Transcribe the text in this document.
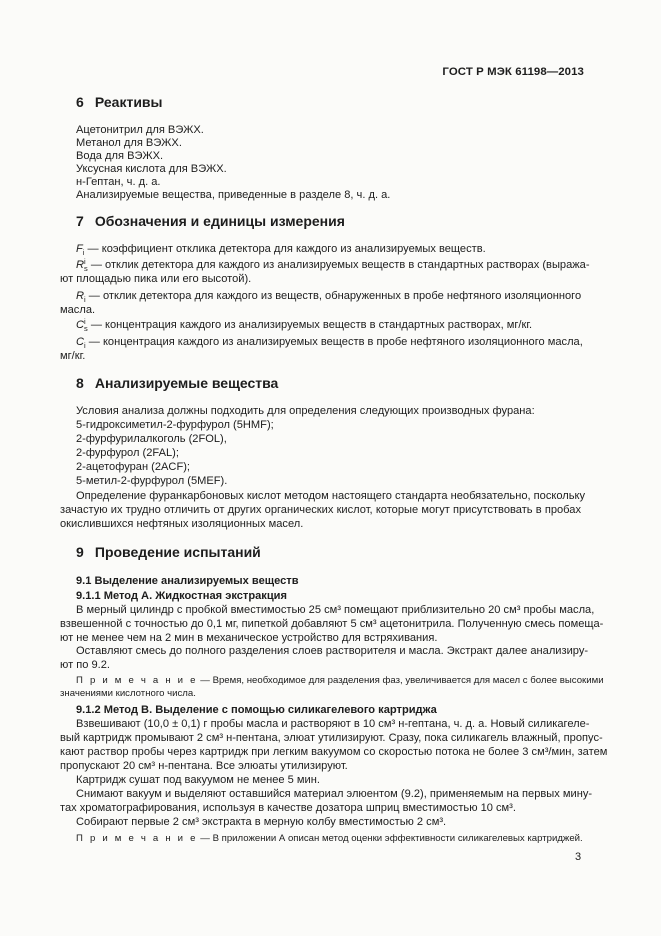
ГОСТ Р МЭК 61198—2013
6 Реактивы
Ацетонитрил для ВЭЖХ.
Метанол для ВЭЖХ.
Вода для ВЭЖХ.
Уксусная кислота для ВЭЖХ.
н-Гептан, ч. д. а.
Анализируемые вещества, приведенные в разделе 8, ч. д. а.
7 Обозначения и единицы измерения
$F_i$ — коэффициент отклика детектора для каждого из анализируемых веществ.
R i
s — отклик детектора для каждого из анализируемых веществ в стандартных растворах (выража-
ют площадью пика или его высотой).
$R_i$ — отклик детектора для каждого из веществ, обнаруженных в пробе нефтяного изоляционного
масла.
C i
s — концентрация каждого из анализируемых веществ в стандартных растворах, мг/кг.
$C_i$ — концентрация каждого из анализируемых веществ в пробе нефтяного изоляционного масла,
мг/кг.
8 Анализируемые вещества
Условия анализа должны подходить для определения следующих производных фурана:
5-гидроксиметил-2-фурфурол (5HMF);
2-фурфурилалкоголь (2FOL),
2-фурфурол (2FAL);
2-ацетофуран (2ACF);
5-метил-2-фурфурол (5MEF).
Определение фуранкарбоновых кислот методом настоящего стандарта необязательно, поскольку
зачастую их трудно отличить от других органических кислот, которые могут присутствовать в пробах
окислившихся нефтяных изоляционных масел.
9 Проведение испытаний
9.1 Выделение анализируемых веществ
9.1.1 Метод А. Жидкостная экстракция
В мерный цилиндр с пробкой вместимостью 25 см³ помещают приблизительно 20 см³ пробы масла,
взвешенной с точностью до 0,1 мг, пипеткой добавляют 5 см³ ацетонитрила. Полученную смесь помеща-
ют не менее чем на 2 мин в механическое устройство для встряхивания.
Оставляют смесь до полного разделения слоев растворителя и масла. Экстракт далее анализиру-
ют по 9.2.
П р и м е ч а н и е — Время, необходимое для разделения фаз, увеличивается для масел с более высокими
значениями кислотного числа.
9.1.2 Метод В. Выделение с помощью силикагелевого картриджа
Взвешивают (10,0 ± 0,1) г пробы масла и растворяют в 10 см³ н-гептана, ч. д. а. Новый силикагеле-
вый картридж промывают 2 см³ н-пентана, элюат утилизируют. Сразу, пока силикагель влажный, пропус-
кают раствор пробы через картридж при легким вакуумом со скоростью потока не более 3 см³/мин, затем
пропускают 20 см³ н-пентана. Все элюаты утилизируют.
Картридж сушат под вакуумом не менее 5 мин.
Снимают вакуум и выделяют оставшийся материал элюентом (9.2), применяемым на первых мину-
тах хроматографирования, используя в качестве дозатора шприц вместимостью 10 см³.
Собирают первые 2 см³ экстракта в мерную колбу вместимостью 2 см³.
П р и м е ч а н и е — В приложении А описан метод оценки эффективности силикагелевых картриджей.
3
